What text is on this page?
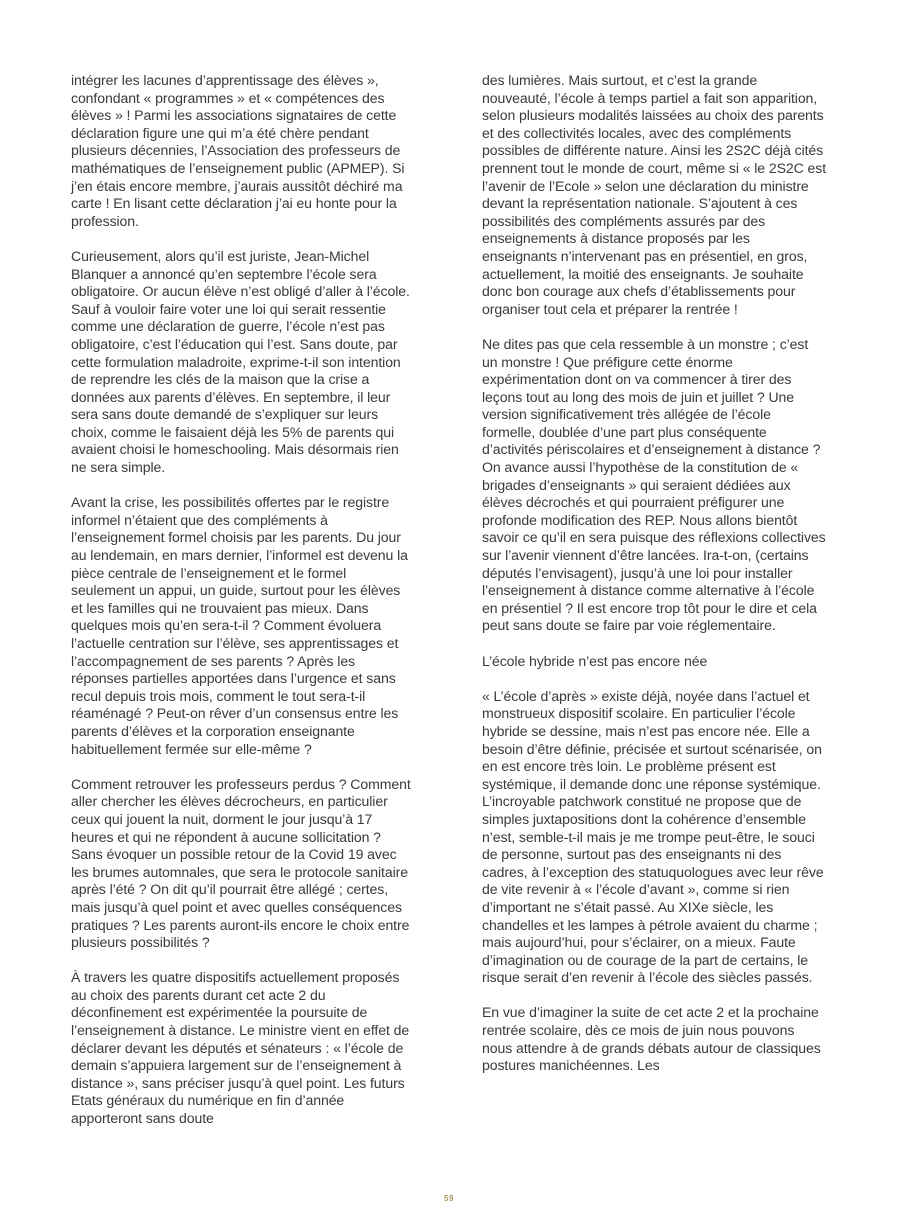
intégrer les lacunes d’apprentissage des élèves », confondant « programmes » et « compétences des élèves » ! Parmi les associations signataires de cette déclaration figure une qui m’a été chère pendant plusieurs décennies, l’Association des professeurs de mathématiques de l’enseignement public (APMEP). Si j’en étais encore membre, j’aurais aussitôt déchiré ma carte ! En lisant cette déclaration j’ai eu honte pour la profession.

Curieusement, alors qu’il est juriste, Jean-Michel Blanquer a annoncé qu’en septembre l’école sera obligatoire. Or aucun élève n’est obligé d’aller à l’école. Sauf à vouloir faire voter une loi qui serait ressentie comme une déclaration de guerre, l’école n’est pas obligatoire, c’est l’éducation qui l’est. Sans doute, par cette formulation maladroite, exprime-t-il son intention de reprendre les clés de la maison que la crise a données aux parents d’élèves. En septembre, il leur sera sans doute demandé de s’expliquer sur leurs choix, comme le faisaient déjà les 5% de parents qui avaient choisi le homeschooling. Mais désormais rien ne sera simple.

Avant la crise, les possibilités offertes par le registre informel n’étaient que des compléments à l’enseignement formel choisis par les parents. Du jour au lendemain, en mars dernier, l’informel est devenu la pièce centrale de l’enseignement et le formel seulement un appui, un guide, surtout pour les élèves et les familles qui ne trouvaient pas mieux. Dans quelques mois qu’en sera-t-il ? Comment évoluera l’actuelle centration sur l’élève, ses apprentissages et l’accompagnement de ses parents ? Après les réponses partielles apportées dans l’urgence et sans recul depuis trois mois, comment le tout sera-t-il réaménagé ? Peut-on rêver d’un consensus entre les parents d’élèves et la corporation enseignante habituellement fermée sur elle-même ?

Comment retrouver les professeurs perdus ? Comment aller chercher les élèves décrocheurs, en particulier ceux qui jouent la nuit, dorment le jour jusqu’à 17 heures et qui ne répondent à aucune sollicitation ? Sans évoquer un possible retour de la Covid 19 avec les brumes automnales, que sera le protocole sanitaire après l’été ? On dit qu’il pourrait être allégé ; certes, mais jusqu’à quel point et avec quelles conséquences pratiques ? Les parents auront-ils encore le choix entre plusieurs possibilités ?

À travers les quatre dispositifs actuellement proposés au choix des parents durant cet acte 2 du déconfinement est expérimentée la poursuite de l’enseignement à distance. Le ministre vient en effet de déclarer devant les députés et sénateurs : « l’école de demain s’appuiera largement sur de l’enseignement à distance », sans préciser jusqu’à quel point. Les futurs Etats généraux du numérique en fin d’année apporteront sans doute

des lumières. Mais surtout, et c’est la grande nouveauté, l’école à temps partiel a fait son apparition, selon plusieurs modalités laissées au choix des parents et des collectivités locales, avec des compléments possibles de différente nature. Ainsi les 2S2C déjà cités prennent tout le monde de court, même si « le 2S2C est l’avenir de l’Ecole » selon une déclaration du ministre devant la représentation nationale. S’ajoutent à ces possibilités des compléments assurés par des enseignements à distance proposés par les enseignants n’intervenant pas en présentiel, en gros, actuellement, la moitié des enseignants. Je souhaite donc bon courage aux chefs d’établissements pour organiser tout cela et préparer la rentrée !

Ne dites pas que cela ressemble à un monstre ; c’est un monstre ! Que préfigure cette énorme expérimentation dont on va commencer à tirer des leçons tout au long des mois de juin et juillet ? Une version significativement très allégée de l’école formelle, doublée d’une part plus conséquente d’activités périscolaires et d’enseignement à distance ? On avance aussi l’hypothèse de la constitution de « brigades d’enseignants » qui seraient dédiées aux élèves décrochés et qui pourraient préfigurer une profonde modification des REP. Nous allons bientôt savoir ce qu’il en sera puisque des réflexions collectives sur l’avenir viennent d’être lancées. Ira-t-on, (certains députés l’envisagent), jusqu’à une loi pour installer l’enseignement à distance comme alternative à l’école en présentiel ? Il est encore trop tôt pour le dire et cela peut sans doute se faire par voie réglementaire.

L’école hybride n’est pas encore née

« L’école d’après » existe déjà, noyée dans l’actuel et monstrueux dispositif scolaire. En particulier l’école hybride se dessine, mais n’est pas encore née. Elle a besoin d’être définie, précisée et surtout scénarisée, on en est encore très loin. Le problème présent est systémique, il demande donc une réponse systémique. L’incroyable patchwork constitué ne propose que de simples juxtapositions dont la cohérence d’ensemble n’est, semble-t-il mais je me trompe peut-être, le souci de personne, surtout pas des enseignants ni des cadres, à l’exception des statuquologues avec leur rêve de vite revenir à « l’école d’avant », comme si rien d’important ne s’était passé. Au XIXe siècle, les chandelles et les lampes à pétrole avaient du charme ; mais aujourd’hui, pour s’éclairer, on a mieux. Faute d’imagination ou de courage de la part de certains, le risque serait d’en revenir à l’école des siècles passés.

En vue d’imaginer la suite de cet acte 2 et la prochaine rentrée scolaire, dès ce mois de juin nous pouvons nous attendre à de grands débats autour de classiques postures manichéennes. Les

59
